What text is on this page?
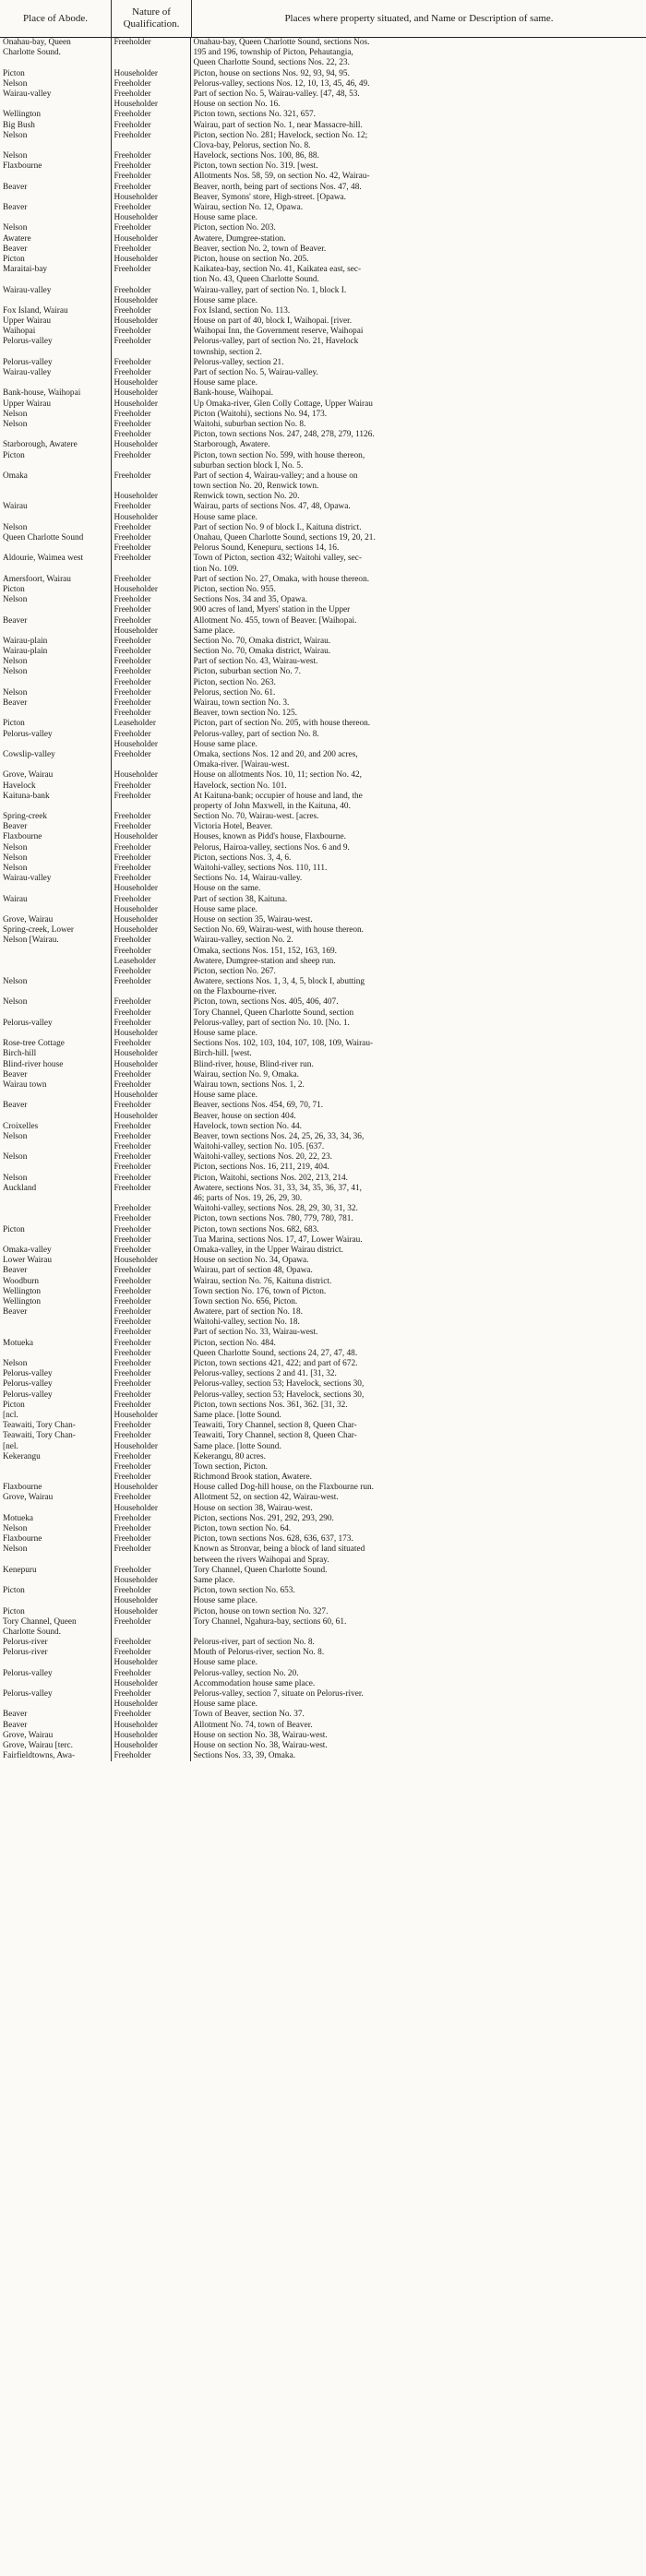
Place of Abode.
Nature of Qualification.
Places where property situated, and Name or Description of same.
Onahau-bay, Queen	Freeholder	Onahau-bay, Queen Charlotte Sound, sections Nos.
Charlotte Sound.		195 and 196, township of Picton, Pehautangia,
		Queen Charlotte Sound, sections Nos. 22, 23.
Picton	Householder	Picton, house on sections Nos. 92, 93, 94, 95.
Nelson	Freeholder	Pelorus-valley, sections Nos. 12, 10, 13, 45, 46, 49.
Wairau-valley	Freeholder	Part of section No. 5, Wairau-valley. [47, 48, 53.
	Householder	House on section No. 16.
Wellington	Freeholder	Picton town, sections No. 321, 657.
Big Bush	Freeholder	Wairau, part of section No. 1, near Massacre-hill.
Nelson	Freeholder	Picton, section No. 281; Havelock, section No. 12;
		Clova-bay, Pelorus, section No. 8.
Nelson	Freeholder	Havelock, sections Nos. 100, 86, 88.
Flaxbourne	Freeholder	Picton, town section No. 319. [west.
	Freeholder	Allotments Nos. 58, 59, on section No. 42, Wairau-
Beaver	Freeholder	Beaver, north, being part of sections Nos. 47, 48.
	Householder	Beaver, Symons' store, High-street. [Opawa.
Beaver	Freeholder	Wairau, section No. 12, Opawa.
	Householder	House same place.
Nelson	Freeholder	Picton, section No. 203.
Awatere	Householder	Awatere, Dumgree-station.
Beaver	Freeholder	Beaver, section No. 2, town of Beaver.
Picton	Householder	Picton, house on section No. 205.
Maraitai-bay	Freeholder	Kaikatea-bay, section No. 41, Kaikatea east, sec-
		tion No. 43, Queen Charlotte Sound.
Wairau-valley	Freeholder	Wairau-valley, part of section No. 1, block I.
	Householder	House same place.
Fox Island, Wairau	Freeholder	Fox Island, section No. 113.
Upper Wairau	Householder	House on part of 40, block I, Waihopai. [river.
Waihopai	Freeholder	Waihopai Inn, the Government reserve, Waihopai
Pelorus-valley	Freeholder	Pelorus-valley, part of section No. 21, Havelock
		township, section 2.
Pelorus-valley	Freeholder	Pelorus-valley, section 21.
Wairau-valley	Freeholder	Part of section No. 5, Wairau-valley.
	Householder	House same place.
Bank-house, Waihopai	Householder	Bank-house, Waihopai.
Upper Wairau	Householder	Up Omaka-river, Glen Colly Cottage, Upper Wairau
Nelson	Freeholder	Picton (Waitohi), sections No. 94, 173.
Nelson	Freeholder	Waitohi, suburban section No. 8.
	Freeholder	Picton, town sections Nos. 247, 248, 278, 279, 1126.
Starborough, Awatere	Householder	Starborough, Awatere.
Picton	Freeholder	Picton, town section No. 599, with house thereon,
		suburban section block I, No. 5.
Omaka	Freeholder	Part of section 4, Wairau-valley; and a house on
		town section No. 20, Renwick town.
	Householder	Renwick town, section No. 20.
Wairau	Freeholder	Wairau, parts of sections Nos. 47, 48, Opawa.
	Householder	House same place.
Nelson	Freeholder	Part of section No. 9 of block I., Kaituna district.
Queen Charlotte Sound	Freeholder	Onahau, Queen Charlotte Sound, sections 19, 20, 21.
	Freeholder	Pelorus Sound, Kenepuru, sections 14, 16.
Aldourie, Waimea west	Freeholder	Town of Picton, section 432; Waitohi valley, sec-
		tion No. 109.
Amersfoort, Wairau	Freeholder	Part of section No. 27, Omaka, with house thereon.
Picton	Householder	Picton, section No. 955.
Nelson	Freeholder	Sections Nos. 34 and 35, Opawa.
	Freeholder	900 acres of land, Myers' station in the Upper
Beaver	Freeholder	Allotment No. 455, town of Beaver. [Waihopai.
	Householder	Same place.
Wairau-plain	Freeholder	Section No. 70, Omaka district, Wairau.
Wairau-plain	Freeholder	Section No. 70, Omaka district, Wairau.
Nelson	Freeholder	Part of section No. 43, Wairau-west.
Nelson	Freeholder	Picton, suburban section No. 7.
	Freeholder	Picton, section No. 263.
Nelson	Freeholder	Pelorus, section No. 61.
Beaver	Freeholder	Wairau, town section No. 3.
	Freeholder	Beaver, town section No. 125.
Picton	Leaseholder	Picton, part of section No. 205, with house thereon.
Pelorus-valley	Freeholder	Pelorus-valley, part of section No. 8.
	Householder	House same place.
Cowslip-valley	Freeholder	Omaka, sections Nos. 12 and 20, and 200 acres,
		Omaka-river. [Wairau-west.
Grove, Wairau	Householder	House on allotments Nos. 10, 11; section No. 42,
Havelock	Freeholder	Havelock, section No. 101.
Kaituna-bank	Freeholder	At Kaituna-bank; occupier of house and land, the
		property of John Maxwell, in the Kaituna, 40.
Spring-creek	Freeholder	Section No. 70, Wairau-west. [acres.
Beaver	Freeholder	Victoria Hotel, Beaver.
Flaxbourne	Householder	Houses, known as Pidd's house, Flaxbourne.
Nelson	Freeholder	Pelorus, Hairoa-valley, sections Nos. 6 and 9.
Nelson	Freeholder	Picton, sections Nos. 3, 4, 6.
Nelson	Freeholder	Waitohi-valley, sections Nos. 110, 111.
Wairau-valley	Freeholder	Sections No. 14, Wairau-valley.
	Householder	House on the same.
Wairau	Freeholder	Part of section 38, Kaituna.
	Householder	House same place.
Grove, Wairau	Householder	House on section 35, Wairau-west.
Spring-creek, Lower	Householder	Section No. 69, Wairau-west, with house thereon.
Nelson [Wairau.	Freeholder	Wairau-valley, section No. 2.
	Freeholder	Omaka, sections Nos. 151, 152, 163, 169.
	Leaseholder	Awatere, Dumgree-station and sheep run.
	Freeholder	Picton, section No. 267.
Nelson	Freeholder	Awatere, sections Nos. 1, 3, 4, 5, block I, abutting
		on the Flaxbourne-river.
Nelson	Freeholder	Picton, town, sections Nos. 405, 406, 407.
	Freeholder	Tory Channel, Queen Charlotte Sound, section
Pelorus-valley	Freeholder	Pelorus-valley, part of section No. 10. [No. 1.
	Householder	House same place.
Rose-tree Cottage	Freeholder	Sections Nos. 102, 103, 104, 107, 108, 109, Wairau-
Birch-hill	Householder	Birch-hill. [west.
Blind-river house	Householder	Blind-river, house, Blind-river run.
Beaver	Freeholder	Wairau, section No. 9, Omaka.
Wairau town	Freeholder	Wairau town, sections Nos. 1, 2.
	Householder	House same place.
Beaver	Freeholder	Beaver, sections Nos. 454, 69, 70, 71.
	Householder	Beaver, house on section 404.
Croixelles	Freeholder	Havelock, town section No. 44.
Nelson	Freeholder	Beaver, town sections Nos. 24, 25, 26, 33, 34, 36,
	Freeholder	Waitohi-valley, section No. 105. [637.
Nelson	Freeholder	Waitohi-valley, sections Nos. 20, 22, 23.
	Freeholder	Picton, sections Nos. 16, 211, 219, 404.
Nelson	Freeholder	Picton, Waitohi, sections Nos. 202, 213, 214.
Auckland	Freeholder	Awatere, sections Nos. 31, 33, 34, 35, 36, 37, 41,
		46; parts of Nos. 19, 26, 29, 30.
	Freeholder	Waitohi-valley, sections Nos. 28, 29, 30, 31, 32.
	Freeholder	Picton, town sections Nos. 780, 779, 780, 781.
Picton	Freeholder	Picton, town sections Nos. 682, 683.
	Freeholder	Tua Marina, sections Nos. 17, 47, Lower Wairau.
Omaka-valley	Freeholder	Omaka-valley, in the Upper Wairau district.
Lower Wairau	Householder	House on section No. 34, Opawa.
Beaver	Freeholder	Wairau, part of section 48, Opawa.
Woodburn	Freeholder	Wairau, section No. 76, Kaituna district.
Wellington	Freeholder	Town section No. 176, town of Picton.
Wellington	Freeholder	Town section No. 656, Picton.
Beaver	Freeholder	Awatere, part of section No. 18.
	Freeholder	Waitohi-valley, section No. 18.
	Freeholder	Part of section No. 33, Wairau-west.
Motueka	Freeholder	Picton, section No. 484.
	Freeholder	Queen Charlotte Sound, sections 24, 27, 47, 48.
Nelson	Freeholder	Picton, town sections 421, 422; and part of 672.
Pelorus-valley	Freeholder	Pelorus-valley, sections 2 and 41. [31, 32.
Pelorus-valley	Freeholder	Pelorus-valley, section 53; Havelock, sections 30,
Pelorus-valley	Freeholder	Pelorus-valley, section 53; Havelock, sections 30,
Picton	Freeholder	Picton, town sections Nos. 361, 362. [31, 32.
[ncl.	Householder	Same place. [lotte Sound.
Teawaiti, Tory Chan-	Freeholder	Teawaiti, Tory Channel, section 8, Queen Char-
Teawaiti, Tory Chan-	Freeholder	Teawaiti, Tory Channel, section 8, Queen Char-
[nel.	Householder	Same place. [lotte Sound.
Kekerangu	Freeholder	Kekerangu, 80 acres.
	Freeholder	Town section, Picton.
	Freeholder	Richmond Brook station, Awatere.
Flaxbourne	Householder	House called Dog-hill house, on the Flaxbourne run.
Grove, Wairau	Freeholder	Allotment 52, on section 42, Wairau-west.
	Householder	House on section 38, Wairau-west.
Motueka	Freeholder	Picton, sections Nos. 291, 292, 293, 290.
Nelson	Freeholder	Picton, town section No. 64.
Flaxbourne	Freeholder	Picton, town sections Nos. 628, 636, 637, 173.
Nelson	Freeholder	Known as Stronvar, being a block of land situated
		between the rivers Waihopai and Spray.
Kenepuru	Freeholder	Tory Channel, Queen Charlotte Sound.
	Householder	Same place.
Picton	Freeholder	Picton, town section No. 653.
	Householder	House same place.
Picton	Householder	Picton, house on town section No. 327.
Tory Channel, Queen	Freeholder	Tory Channel, Ngahura-bay, sections 60, 61.
Charlotte Sound.		
Pelorus-river	Freeholder	Pelorus-river, part of section No. 8.
Pelorus-river	Freeholder	Mouth of Pelorus-river, section No. 8.
	Householder	House same place.
Pelorus-valley	Freeholder	Pelorus-valley, section No. 20.
	Householder	Accommodation house same place.
Pelorus-valley	Freeholder	Pelorus-valley, section 7, situate on Pelorus-river.
	Householder	House same place.
Beaver	Freeholder	Town of Beaver, section No. 37.
Beaver	Householder	Allotment No. 74, town of Beaver.
Grove, Wairau	Householder	House on section No. 38, Wairau-west.
Grove, Wairau [terc.	Householder	House on section No. 38, Wairau-west.
Fairfieldtowns, Awa-	Freeholder	Sections Nos. 33, 39, Omaka.
